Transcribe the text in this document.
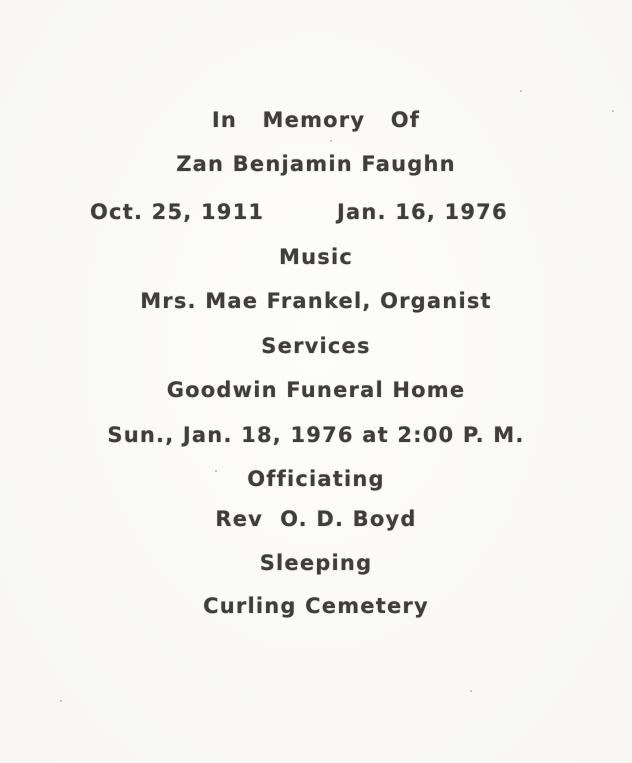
In   Memory   Of
Zan Benjamin Faughn
Oct. 25, 1911	Jan. 16, 1976
Music
Mrs. Mae Frankel, Organist
Services
Goodwin Funeral Home
Sun., Jan. 18, 1976 at 2:00 P. M.
Officiating
Rev  O. D. Boyd
Sleeping
Curling Cemetery
